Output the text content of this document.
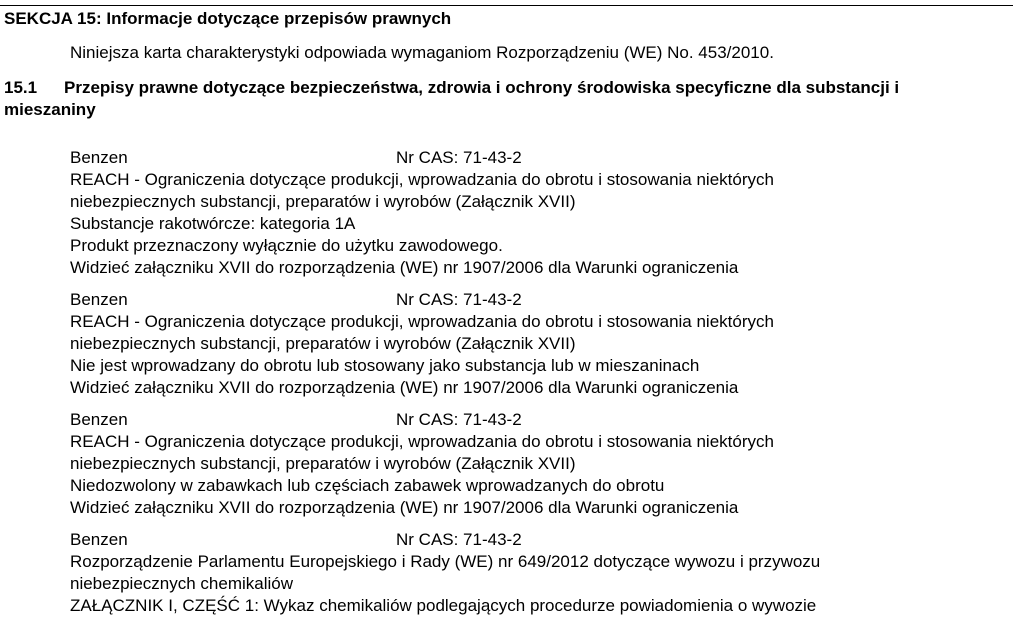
SEKCJA 15: Informacje dotyczące przepisów prawnych
Niniejsza karta charakterystyki odpowiada wymaganiom Rozporządzeniu (WE) No. 453/2010.
15.1 Przepisy prawne dotyczące bezpieczeństwa, zdrowia i ochrony środowiska specyficzne dla substancji i mieszaniny
Benzen	Nr CAS: 71-43-2
REACH - Ograniczenia dotyczące produkcji, wprowadzania do obrotu i stosowania niektórych
niebezpiecznych substancji, preparatów i wyrobów (Załącznik XVII)
Substancje rakotwórcze: kategoria 1A
Produkt przeznaczony wyłącznie do użytku zawodowego.
Widzieć załączniku XVII do rozporządzenia (WE) nr 1907/2006 dla Warunki ograniczenia
Benzen	Nr CAS: 71-43-2
REACH - Ograniczenia dotyczące produkcji, wprowadzania do obrotu i stosowania niektórych
niebezpiecznych substancji, preparatów i wyrobów (Załącznik XVII)
Nie jest wprowadzany do obrotu lub stosowany jako substancja lub w mieszaninach
Widzieć załączniku XVII do rozporządzenia (WE) nr 1907/2006 dla Warunki ograniczenia
Benzen	Nr CAS: 71-43-2
REACH - Ograniczenia dotyczące produkcji, wprowadzania do obrotu i stosowania niektórych
niebezpiecznych substancji, preparatów i wyrobów (Załącznik XVII)
Niedozwolony w zabawkach lub częściach zabawek wprowadzanych do obrotu
Widzieć załączniku XVII do rozporządzenia (WE) nr 1907/2006 dla Warunki ograniczenia
Benzen	Nr CAS: 71-43-2
Rozporządzenie Parlamentu Europejskiego i Rady (WE) nr 649/2012 dotyczące wywozu i przywozu
niebezpiecznych chemikaliów
ZAŁĄCZNIK I, CZĘŚĆ 1: Wykaz chemikaliów podlegających procedurze powiadomienia o wywozie
